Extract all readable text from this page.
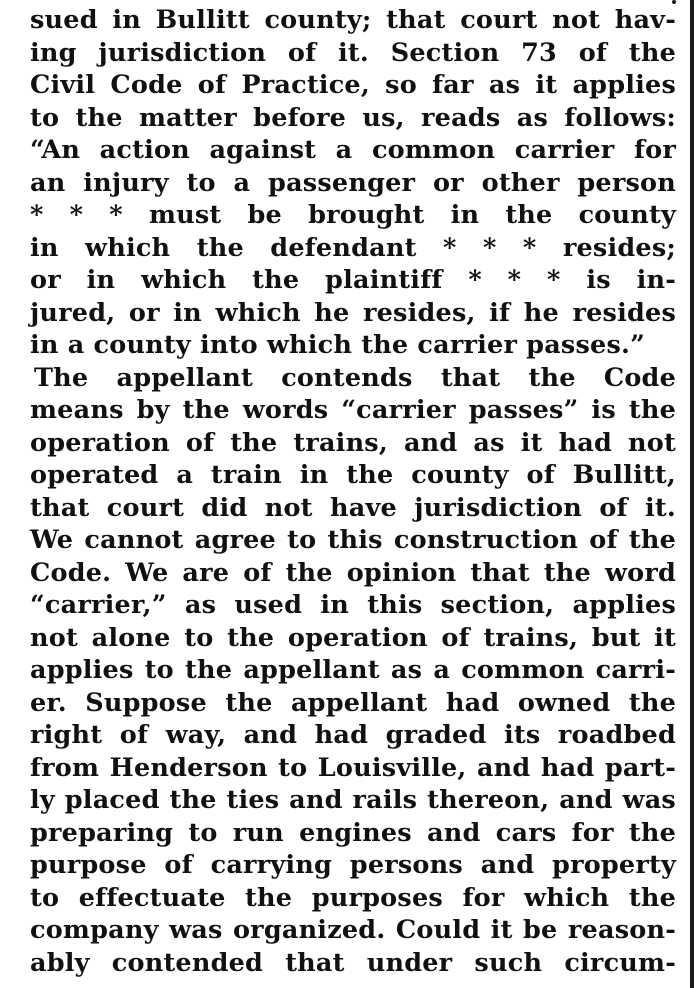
sued in Bullitt county; that court not hav-
ing jurisdiction of it. Section 73 of the
Civil Code of Practice, so far as it applies
to the matter before us, reads as follows:
“An action against a common carrier for
an injury to a passenger or other person
* * * must be brought in the county
in which the defendant * * * resides;
or in which the plaintiff * * * is in-
jured, or in which he resides, if he resides
in a county into which the carrier passes.”
The appellant contends that the Code
means by the words “carrier passes” is the
operation of the trains, and as it had not
operated a train in the county of Bullitt,
that court did not have jurisdiction of it.
We cannot agree to this construction of the
Code. We are of the opinion that the word
“carrier,” as used in this section, applies
not alone to the operation of trains, but it
applies to the appellant as a common carri-
er. Suppose the appellant had owned the
right of way, and had graded its roadbed
from Henderson to Louisville, and had part-
ly placed the ties and rails thereon, and was
preparing to run engines and cars for the
purpose of carrying persons and property
to effectuate the purposes for which the
company was organized. Could it be reason-
ably contended that under such circum-
